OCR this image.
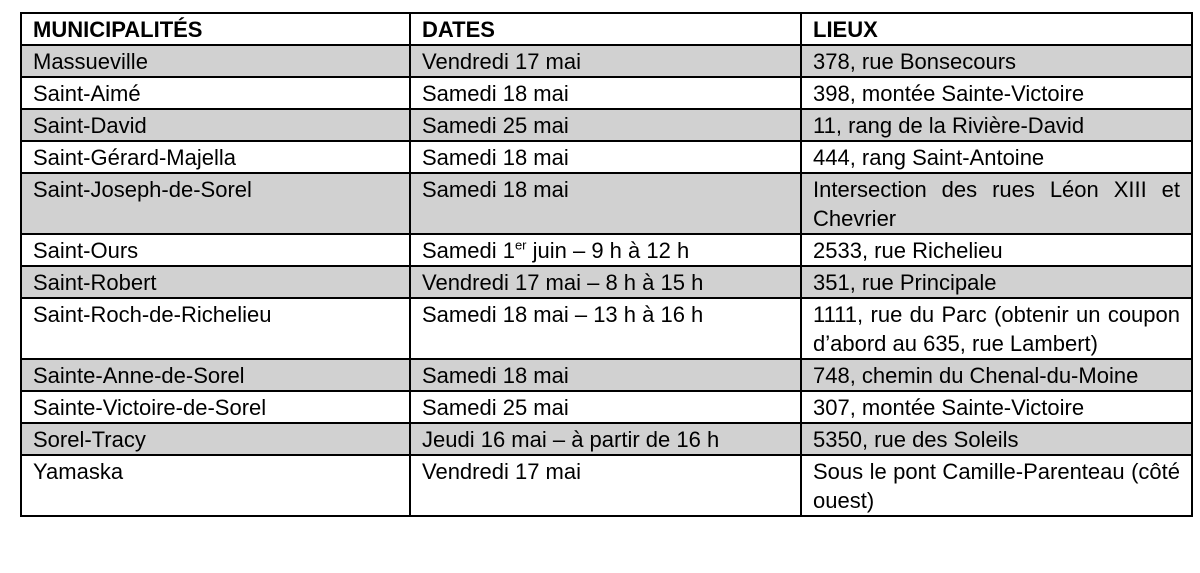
MUNICIPALITÉS	DATES	LIEUX
Massueville	Vendredi 17 mai	378, rue Bonsecours
Saint-Aimé	Samedi 18 mai	398, montée Sainte-Victoire
Saint-David	Samedi 25 mai	11, rang de la Rivière-David
Saint-Gérard-Majella	Samedi 18 mai	444, rang Saint-Antoine
Saint-Joseph-de-Sorel	Samedi 18 mai	Intersection des rues Léon XIII et Chevrier
Saint-Ours	Samedi 1er juin – 9 h à 12 h	2533, rue Richelieu
Saint-Robert	Vendredi 17 mai – 8 h à 15 h	351, rue Principale
Saint-Roch-de-Richelieu	Samedi 18 mai – 13 h à 16 h	1111, rue du Parc (obtenir un coupon d’abord au 635, rue Lambert)
Sainte-Anne-de-Sorel	Samedi 18 mai	748, chemin du Chenal-du-Moine
Sainte-Victoire-de-Sorel	Samedi 25 mai	307, montée Sainte-Victoire
Sorel-Tracy	Jeudi 16 mai – à partir de 16 h	5350, rue des Soleils
Yamaska	Vendredi 17 mai	Sous le pont Camille-Parenteau (côté ouest)
